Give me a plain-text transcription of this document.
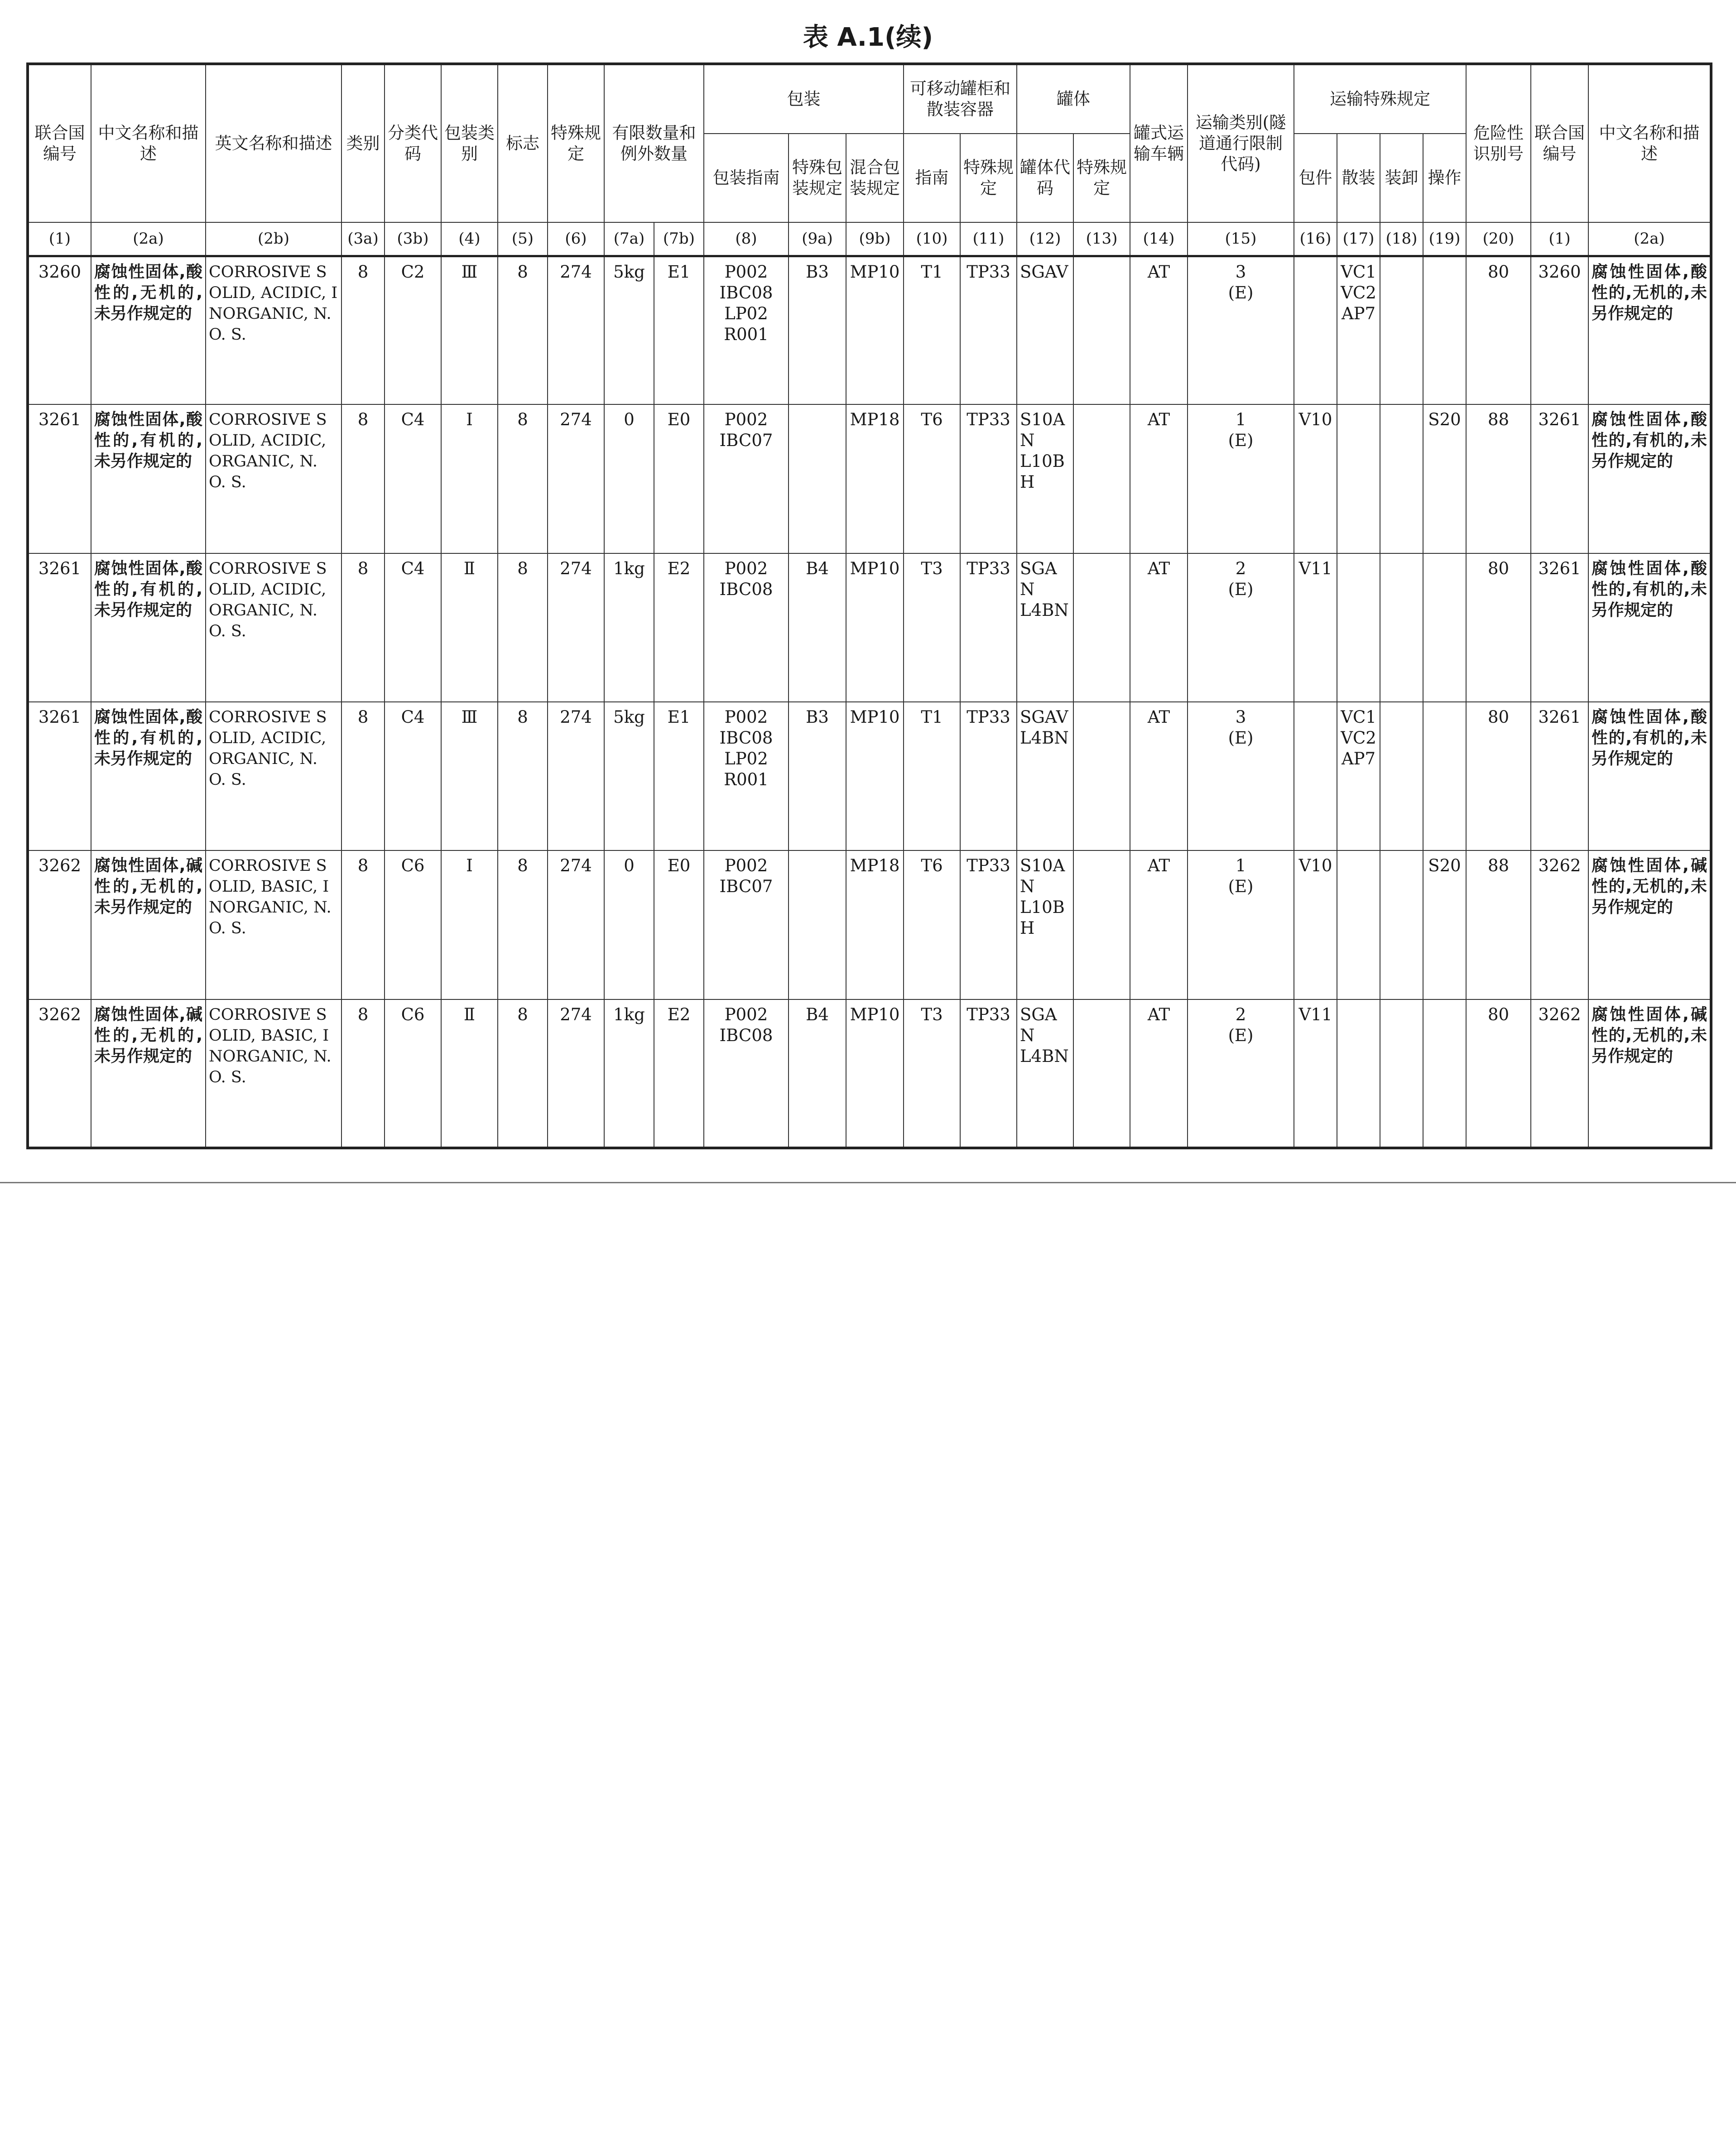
表 A.1(续)
联合国编号	中文名称和描述	英文名称和描述	类别	分类代码	包装类别	标志	特殊规定	有限数量和例外数量		包装			可移动罐柜和散装容器		罐体		罐式运输车辆	运输类别(隧道通行限制代码)	运输特殊规定				危险性识别号	联合国编号	中文名称和描述
										包装指南	特殊包装规定	混合包装规定	指南	特殊规定	罐体代码	特殊规定			包件	散装	装卸	操作			
(1)	(2a)	(2b)	(3a)	(3b)	(4)	(5)	(6)	(7a)	(7b)	(8)	(9a)	(9b)	(10)	(11)	(12)	(13)	(14)	(15)	(16)	(17)	(18)	(19)	(20)	(1)	(2a)
3260	腐蚀性固体,酸性的,无机的,未另作规定的	CORROSIVE SOLID, ACIDIC, INORGANIC, N. O. S.	8	C2	Ⅲ	8	274	5kg	E1	P002
IBC08
LP02
R001	B3	MP10	T1	TP33	SGAV		AT	3
(E)		VC1
VC2
AP7			80	3260	腐蚀性固体,酸性的,无机的,未另作规定的
3261	腐蚀性固体,酸性的,有机的,未另作规定的	CORROSIVE SOLID, ACIDIC, ORGANIC, N. O. S.	8	C4	Ⅰ	8	274	0	E0	P002
IBC07		MP18	T6	TP33	S10AN
L10BH		AT	1
(E)	V10			S20	88	3261	腐蚀性固体,酸性的,有机的,未另作规定的
3261	腐蚀性固体,酸性的,有机的,未另作规定的	CORROSIVE SOLID, ACIDIC, ORGANIC, N. O. S.	8	C4	Ⅱ	8	274	1kg	E2	P002
IBC08	B4	MP10	T3	TP33	SGAN
L4BN		AT	2
(E)	V11				80	3261	腐蚀性固体,酸性的,有机的,未另作规定的
3261	腐蚀性固体,酸性的,有机的,未另作规定的	CORROSIVE SOLID, ACIDIC, ORGANIC, N. O. S.	8	C4	Ⅲ	8	274	5kg	E1	P002
IBC08
LP02
R001	B3	MP10	T1	TP33	SGAV
L4BN		AT	3
(E)		VC1
VC2
AP7			80	3261	腐蚀性固体,酸性的,有机的,未另作规定的
3262	腐蚀性固体,碱性的,无机的,未另作规定的	CORROSIVE SOLID, BASIC, INORGANIC, N. O. S.	8	C6	Ⅰ	8	274	0	E0	P002
IBC07		MP18	T6	TP33	S10AN
L10BH		AT	1
(E)	V10			S20	88	3262	腐蚀性固体,碱性的,无机的,未另作规定的
3262	腐蚀性固体,碱性的,无机的,未另作规定的	CORROSIVE SOLID, BASIC, INORGANIC, N. O. S.	8	C6	Ⅱ	8	274	1kg	E2	P002
IBC08	B4	MP10	T3	TP33	SGAN
L4BN		AT	2
(E)	V11				80	3262	腐蚀性固体,碱性的,无机的,未另作规定的
